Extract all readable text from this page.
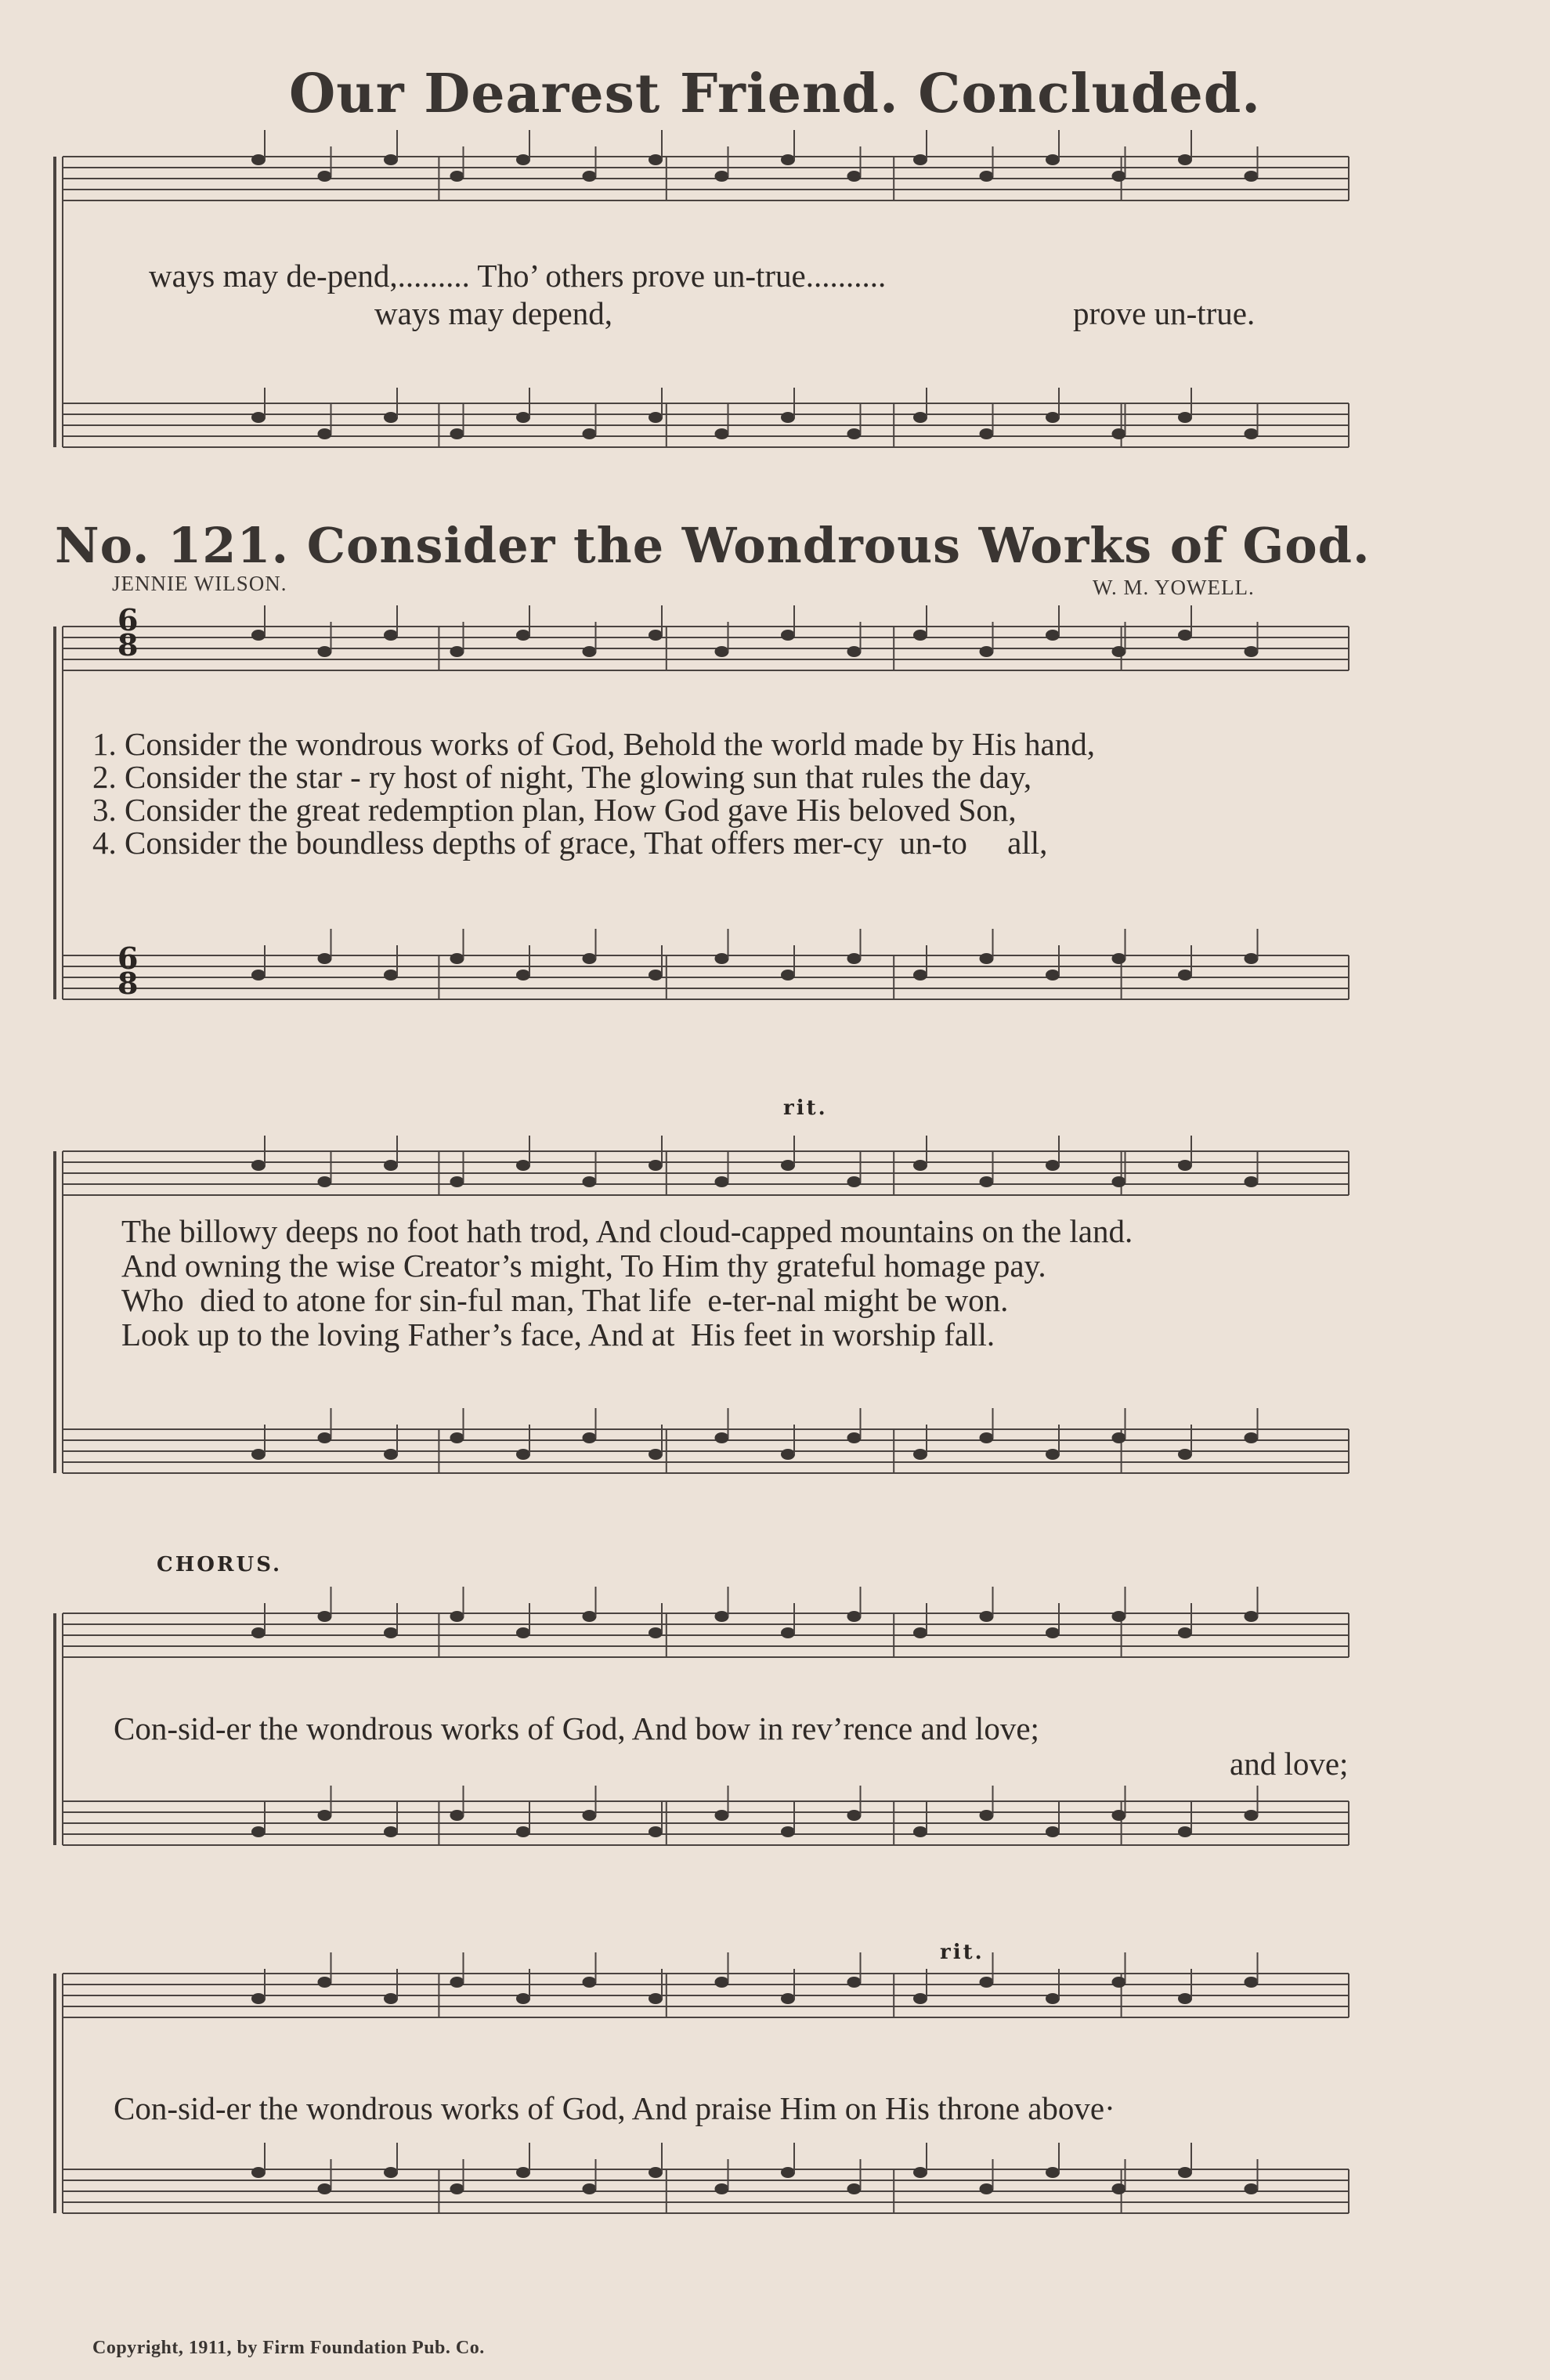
Our Dearest Friend. Concluded.
ways may de-pend,......... Tho’ others prove un-true..........
ways may depend,	prove un-true.
No. 121. Consider the Wondrous Works of God.
JENNIE WILSON.	W. M. YOWELL.
6
8
6
8
1. Consider the wondrous works of God, Behold the world made by His hand,
2. Consider the star - ry host of night, The glowing sun that rules the day,
3. Consider the great redemption plan, How God gave His beloved Son,
4. Consider the boundless depths of grace, That offers mer-cy  un-to     all,
rit.
The billowy deeps no foot hath trod, And cloud-capped mountains on the land.
And owning the wise Creator’s might, To Him thy grateful homage pay.
Who  died to atone for sin-ful man, That life  e-ter-nal might be won.
Look up to the loving Father’s face, And at  His feet in worship fall.
CHORUS.
Con-sid-er the wondrous works of God, And bow in rev’rence and love;
and love;
rit.
Con-sid-er the wondrous works of God, And praise Him on His throne above·
Copyright, 1911, by Firm Foundation Pub. Co.
